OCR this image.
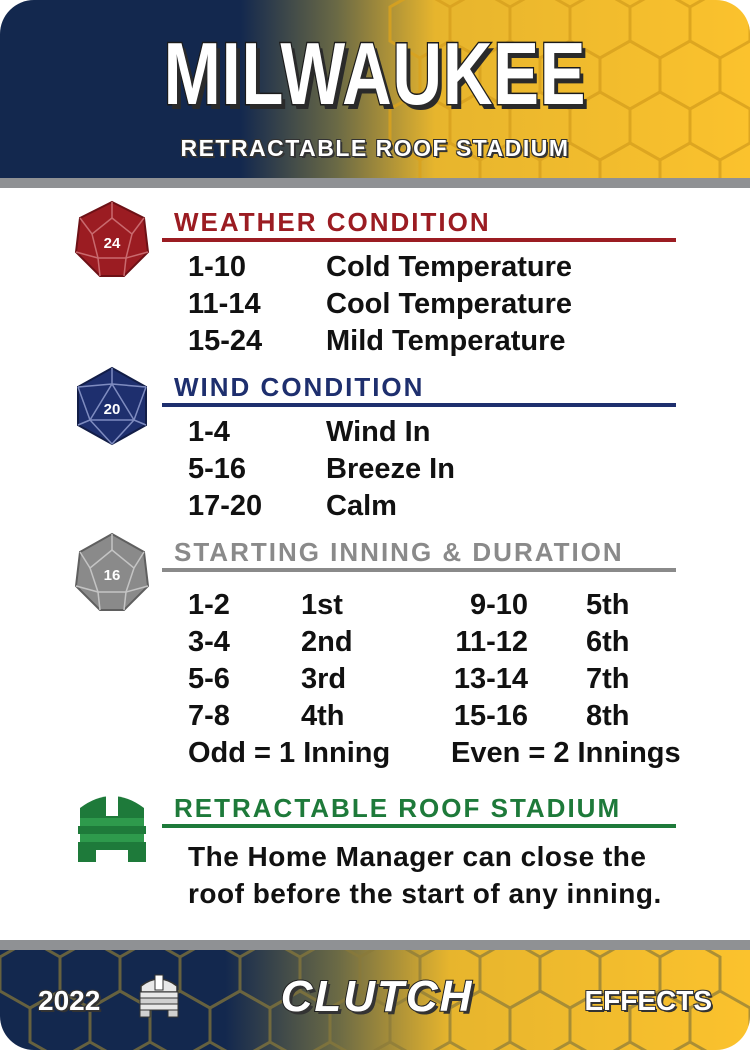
MILWAUKEE
RETRACTABLE ROOF STADIUM
24
WEATHER CONDITION
1-10	Cold Temperature
11-14 Cool Temperature
15-24 Mild Temperature
20
WIND CONDITION
1-4	Wind In
5-16	Breeze In
17-20 Calm
16
STARTING INNING & DURATION
1-2 1st	9-10 5th
3-4 2nd	11-12 6th
5-6 3rd	13-14 7th
7-8 4th	15-16 8th
Odd = 1 Inning Even = 2 Innings
RETRACTABLE ROOF STADIUM
The Home Manager can close the
roof before the start of any inning.
2022	CLUTCH	EFFECTS
